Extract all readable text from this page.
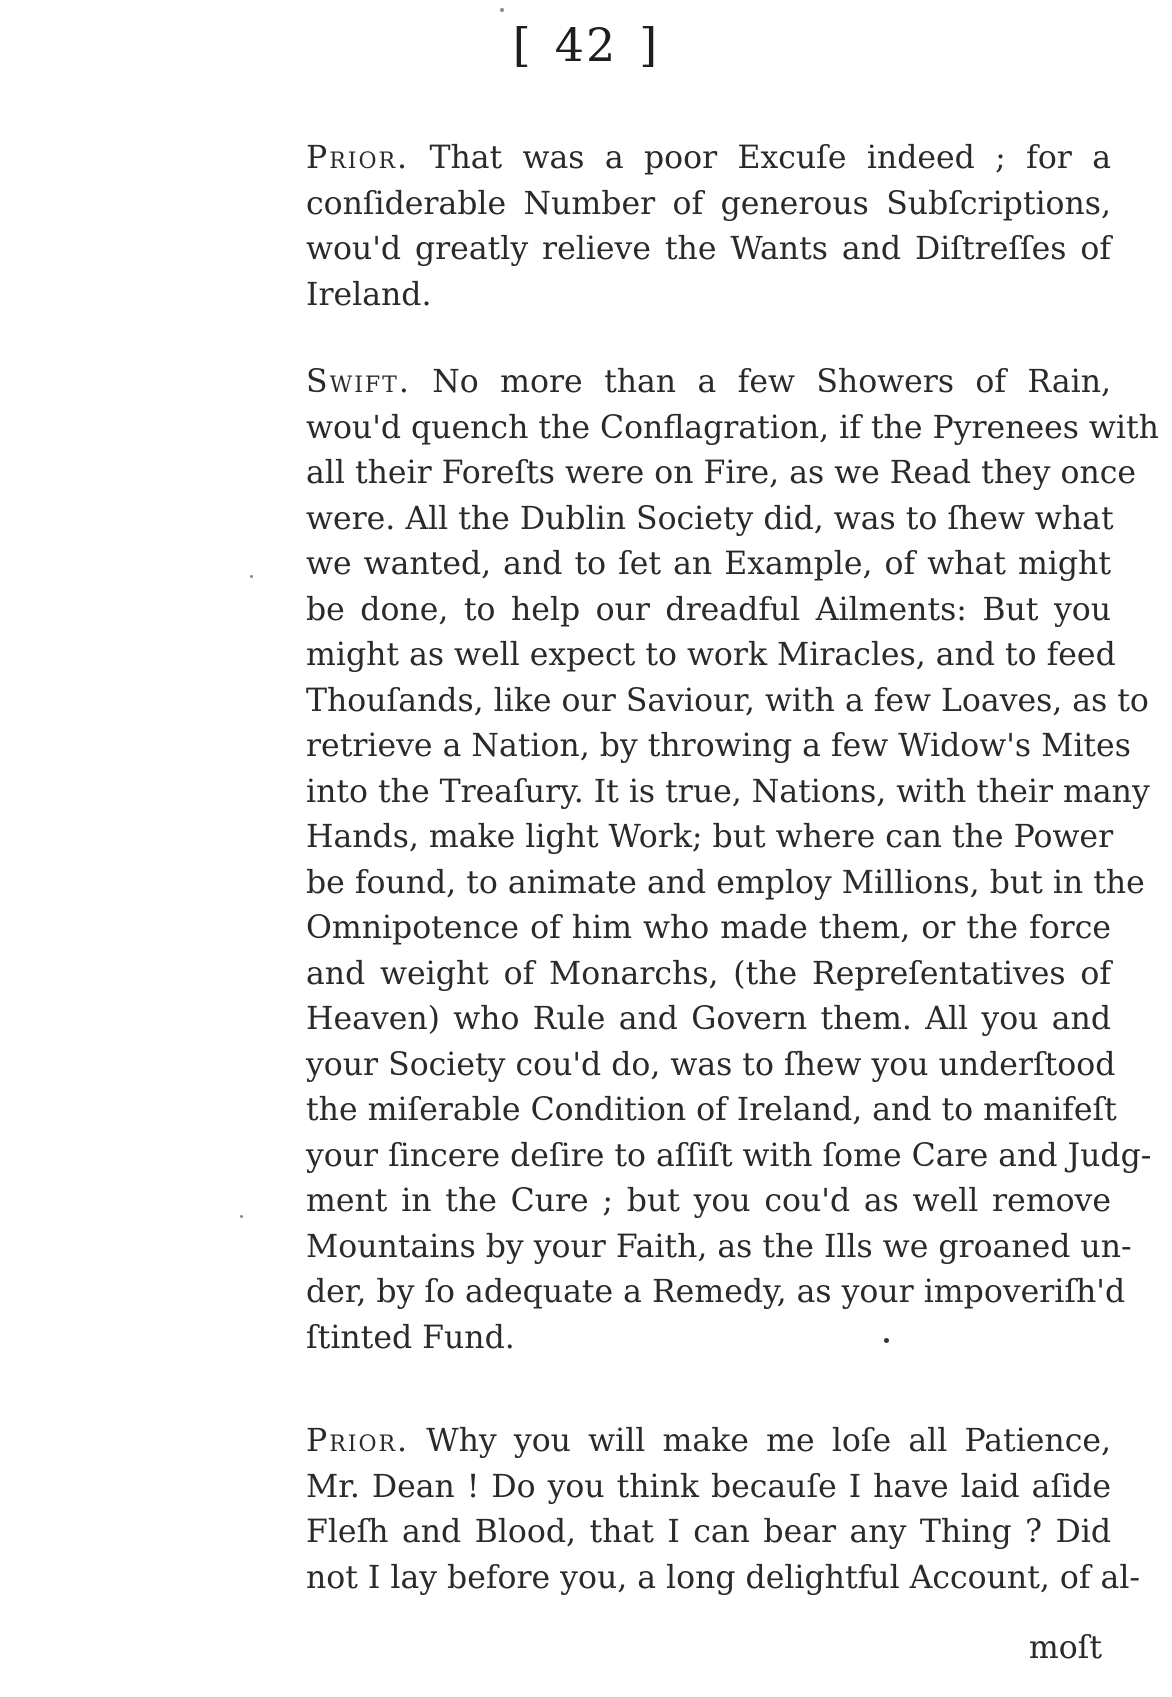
[ 42 ]
Prior. That was a poor Excuſe indeed ; for a
conſiderable Number of generous Subſcriptions,
wou'd greatly relieve the Wants and Diſtreſſes of
Ireland.
Swift. No more than a few Showers of Rain,
wou'd quench the Conflagration, if the Pyrenees with
all their Foreſts were on Fire, as we Read they once
were. All the Dublin Society did, was to ſhew what
we wanted, and to ſet an Example, of what might
be done, to help our dreadful Ailments: But you
might as well expect to work Miracles, and to feed
Thouſands, like our Saviour, with a few Loaves, as to
retrieve a Nation, by throwing a few Widow's Mites
into the Treaſury. It is true, Nations, with their many
Hands, make light Work; but where can the Power
be found, to animate and employ Millions, but in the
Omnipotence of him who made them, or the force
and weight of Monarchs, (the Repreſentatives of
Heaven) who Rule and Govern them. All you and
your Society cou'd do, was to ſhew you underſtood
the miſerable Condition of Ireland, and to manifeſt
your ſincere deſire to aſſiſt with ſome Care and Judg-
ment in the Cure ; but you cou'd as well remove
Mountains by your Faith, as the Ills we groaned un-
der, by ſo adequate a Remedy, as your impoveriſh'd
ſtinted Fund.
Prior. Why you will make me loſe all Patience,
Mr. Dean ! Do you think becauſe I have laid aſide
Fleſh and Blood, that I can bear any Thing ? Did
not I lay before you, a long delightful Account, of al-
moſt
